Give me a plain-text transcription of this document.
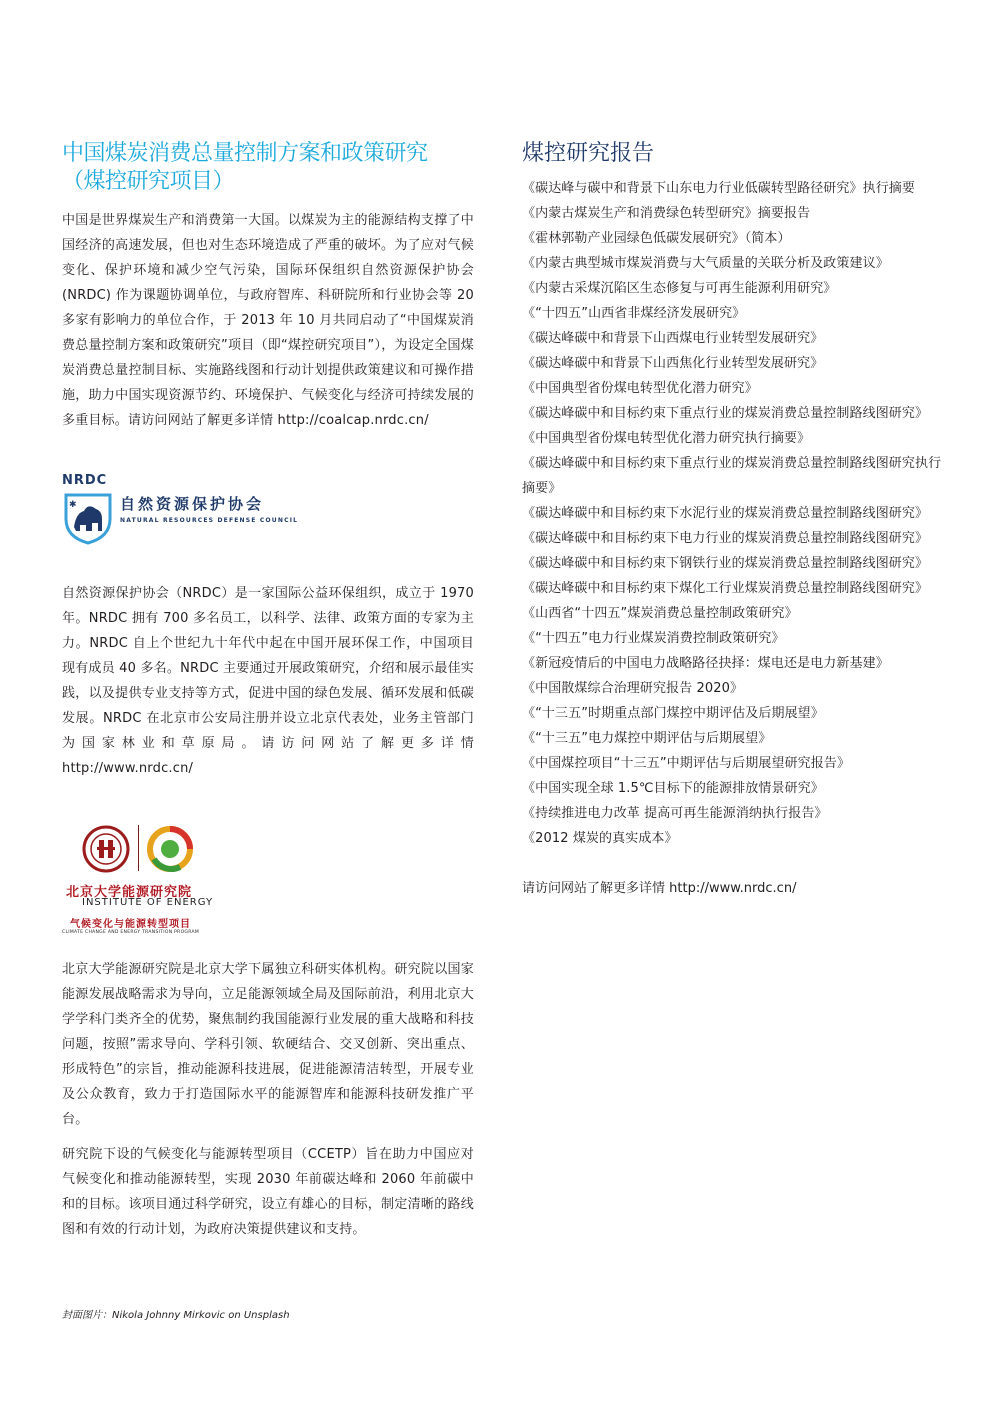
中国煤炭消费总量控制方案和政策研究
（煤控研究项目）

中国是世界煤炭生产和消费第一大国。以煤炭为主的能源结构支撑了中国经济的高速发展，但也对生态环境造成了严重的破坏。为了应对气候变化、保护环境和减少空气污染，国际环保组织自然资源保护协会 (NRDC) 作为课题协调单位，与政府智库、科研院所和行业协会等 20 多家有影响力的单位合作，于 2013 年 10 月共同启动了“中国煤炭消费总量控制方案和政策研究”项目（即“煤控研究项目”），为设定全国煤炭消费总量控制目标、实施路线图和行动计划提供政策建议和可操作措施，助力中国实现资源节约、环境保护、气候变化与经济可持续发展的多重目标。请访问网站了解更多详情 http://coalcap.nrdc.cn/

NRDC
✱	自然资源保护协会
NATURAL RESOURCES DEFENSE COUNCIL

自然资源保护协会（NRDC）是一家国际公益环保组织，成立于 1970 年。NRDC 拥有 700 多名员工，以科学、法律、政策方面的专家为主力。NRDC 自上个世纪九十年代中起在中国开展环保工作，中国项目现有成员 40 多名。NRDC 主要通过开展政策研究，介绍和展示最佳实践，以及提供专业支持等方式，促进中国的绿色发展、循环发展和低碳发展。NRDC 在北京市公安局注册并设立北京代表处，业务主管部门为国家林业和草原局。请访问网站了解更多详情 http://www.nrdc.cn/

北京大学能源研究院
INSTITUTE OF ENERGY
气候变化与能源转型项目
CLIMATE CHANGE AND ENERGY TRANSITION PROGRAM

北京大学能源研究院是北京大学下属独立科研实体机构。研究院以国家能源发展战略需求为导向，立足能源领域全局及国际前沿，利用北京大学学科门类齐全的优势，聚焦制约我国能源行业发展的重大战略和科技问题，按照”需求导向、学科引领、软硬结合、交叉创新、突出重点、形成特色”的宗旨，推动能源科技进展，促进能源清洁转型，开展专业及公众教育，致力于打造国际水平的能源智库和能源科技研发推广平台。

研究院下设的气候变化与能源转型项目（CCETP）旨在助力中国应对气候变化和推动能源转型，实现 2030 年前碳达峰和 2060 年前碳中和的目标。该项目通过科学研究，设立有雄心的目标，制定清晰的路线图和有效的行动计划，为政府决策提供建议和支持。

煤控研究报告
《碳达峰与碳中和背景下山东电力行业低碳转型路径研究》执行摘要
《内蒙古煤炭生产和消费绿色转型研究》摘要报告
《霍林郭勒产业园绿色低碳发展研究》（简本）
《内蒙古典型城市煤炭消费与大气质量的关联分析及政策建议》
《内蒙古采煤沉陷区生态修复与可再生能源利用研究》
《“十四五”山西省非煤经济发展研究》
《碳达峰碳中和背景下山西煤电行业转型发展研究》
《碳达峰碳中和背景下山西焦化行业转型发展研究》
《中国典型省份煤电转型优化潜力研究》
《碳达峰碳中和目标约束下重点行业的煤炭消费总量控制路线图研究》
《中国典型省份煤电转型优化潜力研究执行摘要》
《碳达峰碳中和目标约束下重点行业的煤炭消费总量控制路线图研究执行摘要》
《碳达峰碳中和目标约束下水泥行业的煤炭消费总量控制路线图研究》
《碳达峰碳中和目标约束下电力行业的煤炭消费总量控制路线图研究》
《碳达峰碳中和目标约束下钢铁行业的煤炭消费总量控制路线图研究》
《碳达峰碳中和目标约束下煤化工行业煤炭消费总量控制路线图研究》
《山西省“十四五”煤炭消费总量控制政策研究》
《“十四五”电力行业煤炭消费控制政策研究》
《新冠疫情后的中国电力战略路径抉择：煤电还是电力新基建》
《中国散煤综合治理研究报告 2020》
《“十三五”时期重点部门煤控中期评估及后期展望》
《“十三五”电力煤控中期评估与后期展望》
《中国煤控项目“十三五”中期评估与后期展望研究报告》
《中国实现全球 1.5℃目标下的能源排放情景研究》
《持续推进电力改革 提高可再生能源消纳执行报告》
《2012 煤炭的真实成本》

请访问网站了解更多详情 http://www.nrdc.cn/

封面图片：Nikola Johnny Mirkovic on Unsplash
